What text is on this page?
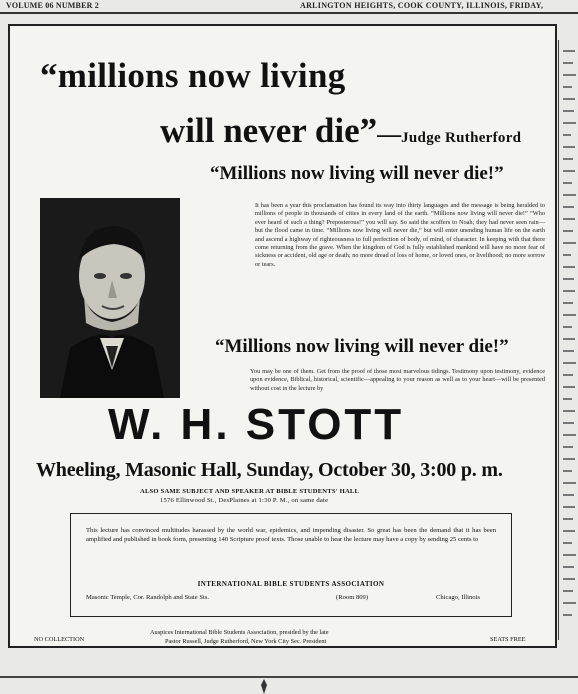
VOLUME 06 NUMBER 2	ARLINGTON HEIGHTS, COOK COUNTY, ILLINOIS, FRIDAY,
“millions now living
will never die”—Judge Rutherford
“Millions now living will never die!”
It has been a year this proclamation has found its way into thirty languages and the message is being heralded to millions of people in thousands of cities in every land of the earth. “Millions now living will never die!” “Who ever heard of such a thing? Preposterous!” you will say. So said the scoffers to Noah; they had never seen rain—but the flood came in time. “Millions now living will never die,” but will enter unending human life on the earth and ascend a highway of righteousness to full perfection of body, of mind, of character. In keeping with that there come returning from the grave. When the kingdom of God is fully established mankind will have no more fear of sickness or accident, old age or death; no more dread of loss of home, or loved ones, or livelihood; no more sorrow or tears.
“Millions now living will never die!”
You may be one of them. Get from the proof of those most marvelous tidings. Testimony upon testimony, evidence upon evidence, Biblical, historical, scientific—appealing to your reason as well as to your heart—will be presented without cost in the lecture by
W. H. STOTT
Wheeling, Masonic Hall, Sunday, October 30, 3:00 p. m.
ALSO SAME SUBJECT AND SPEAKER AT BIBLE STUDENTS' HALL
1576 Ellinwood St., DesPlaines at 1:30 P. M., on same date
This lecture has convinced multitudes harassed by the world war, epidemics, and impending disaster. So great has been the demand that it has been amplified and published in book form, presenting 140 Scripture proof texts. Those unable to hear the lecture may have a copy by sending 25 cents to
INTERNATIONAL BIBLE STUDENTS ASSOCIATION
Masonic Temple, Cor. Randolph and State Sts.	(Room 809)	Chicago, Illinois
NO COLLECTION
Auspices International Bible Students Association, presided by the late
Pastor Russell, Judge Rutherford, New York City Sec. President	SEATS FREE
